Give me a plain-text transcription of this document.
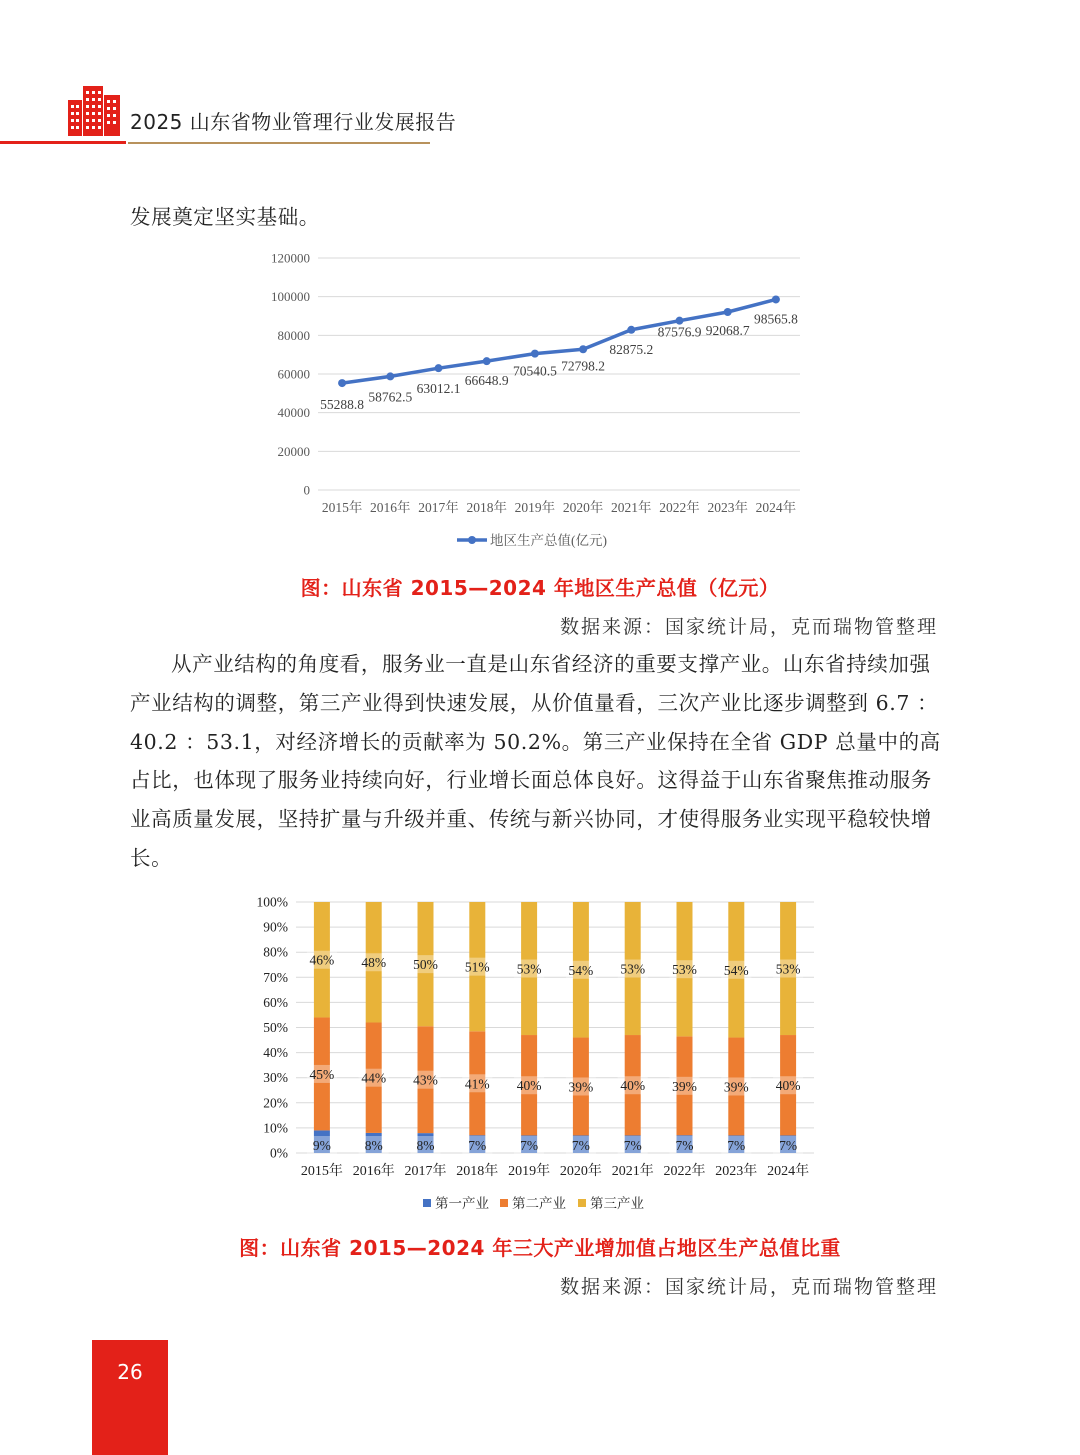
2025 山东省物业管理行业发展报告

发展奠定坚实基础。

0
20000
40000
60000
80000
100000
120000
2015年 2016年 2017年 2018年 2019年 2020年 2021年 2022年 2023年 2024年
55288.8
58762.5
63012.1
66648.9
70540.5 72798.2
82875.2
87576.9 92068.7
98565.8
地区生产总值(亿元)
图：山东省 2015—2024 年地区生产总值（亿元）
数据来源：国家统计局，克而瑞物管整理

从产业结构的角度看，服务业一直是山东省经济的重要支撑产业。山东省持续加强产业结构的调整，第三产业得到快速发展，从价值量看，三次产业比逐步调整到 6.7 ：40.2 ：53.1，对经济增长的贡献率为 50.2%。第三产业保持在全省 GDP 总量中的高占比，也体现了服务业持续向好，行业增长面总体良好。这得益于山东省聚焦推动服务业高质量发展，坚持扩量与升级并重、传统与新兴协同，才使得服务业实现平稳较快增长。

0%
10%
20%
30%
40%
50%
60%
70%
80%
90%
100%
2015年 2016年 2017年 2018年 2019年 2020年 2021年 2022年 2023年 2024年
9%
45%
46%
8%
44%
48%
8%
43%
50%
7%
41%
51%
7%
40%
53%
7%
39%
54%
7%
40%
53%
7%
39%
53%
7%
39%
54%
7%
40%
53%
第一产业 第二产业 第三产业
图：山东省 2015—2024 年三大产业增加值占地区生产总值比重
数据来源：国家统计局，克而瑞物管整理
26
